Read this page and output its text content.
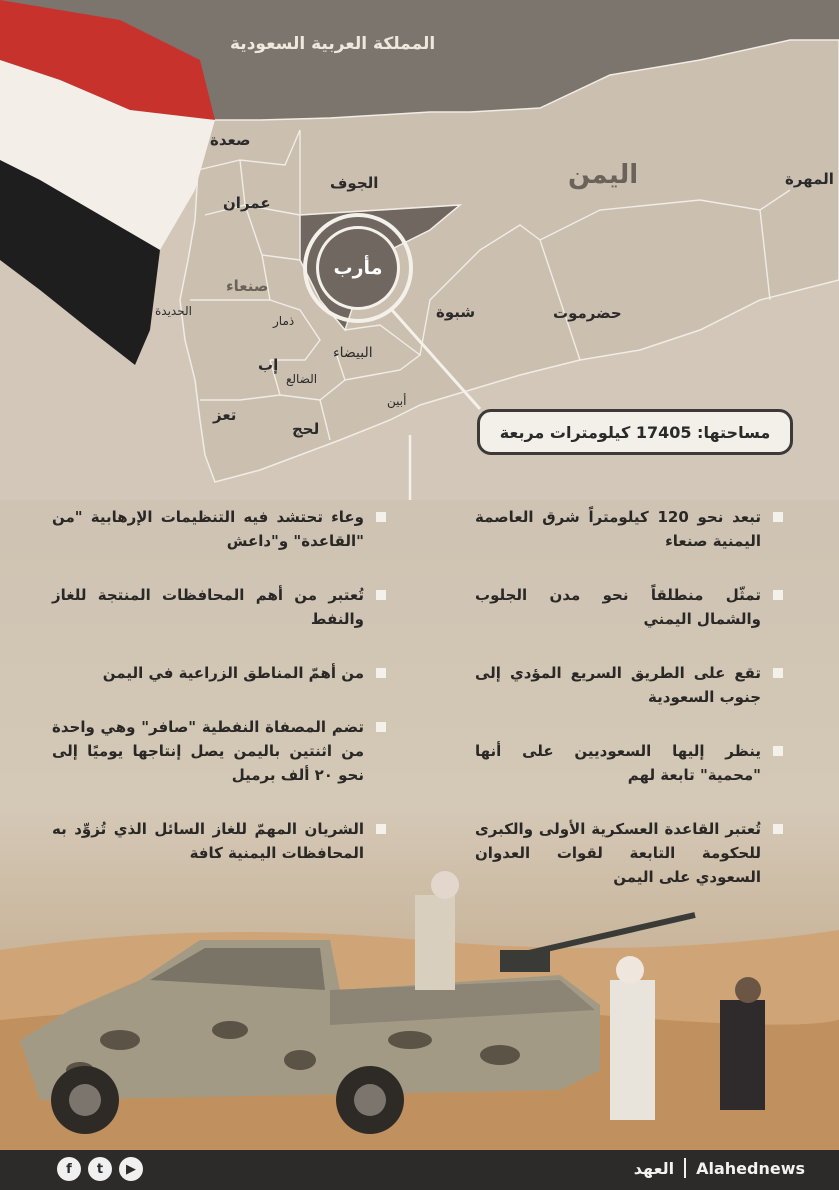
المملكة العربية السعودية
اليمن
صعدة
الجوف
عمران
صنعاء
الحديدة
ذمار
إب
الضالع
تعز
لحج
البيضاء
أبين
شبوة	حضرموت
المهرة
مأرب
مساحتها: 17405 كيلومترات مربعة
تبعد نحو 120 كيلومتراً شرق العاصمة اليمنية صنعاء
تمثّل منطلقاً نحو مدن الجلوب والشمال اليمني
تقع على الطريق السريع المؤدي إلى جنوب السعودية
ينظر إليها السعوديين على أنها "محمية" تابعة لهم
تُعتبر القاعدة العسكرية الأولى والكبرى للحكومة التابعة لقوات العدوان السعودي على اليمن
وعاء تحتشد فيه التنظيمات الإرهابية "من "القاعدة" و"داعش
تُعتبر من أهم المحافظات المنتجة للغاز والنفط
من أهمّ المناطق الزراعية في اليمن
تضم المصفاة النفطية "صافر" وهي واحدة من اثنتين باليمن يصل إنتاجها يوميًا إلى نحو ٢٠ ألف برميل
الشريان المهمّ للغاز السائل الذي تُزوِّد به المحافظات اليمنية كافة
f	t	▶	العهد Alahednews
